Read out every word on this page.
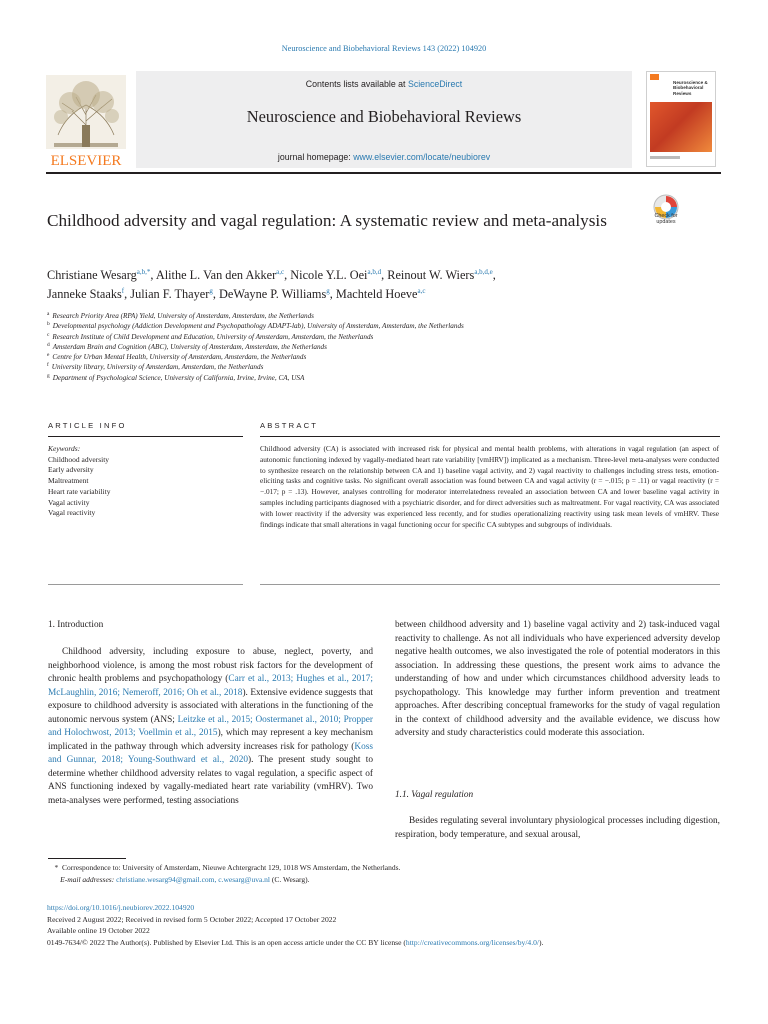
Neuroscience and Biobehavioral Reviews 143 (2022) 104920
ELSEVIER
Contents lists available at ScienceDirect
Neuroscience and Biobehavioral Reviews
journal homepage: www.elsevier.com/locate/neubiorev
Neuroscience & Biobehavioral Reviews
Childhood adversity and vagal regulation: A systematic review and meta-analysis	Check for
updates
Christiane Wesarg$^{a,b,*}$, Alithe L. Van den Akker$^{a,c}$, Nicole Y.L. Oei$^{a,b,d}$, Reinout W. Wiers$^{a,b,d,e}$,
Janneke Staaks$^f$, Julian F. Thayer$^g$, DeWayne P. Williams$^g$, Machteld Hoeve$^{a,c}$
$^a$ Research Priority Area (RPA) Yield, University of Amsterdam, Amsterdam, the Netherlands
$^b$ Developmental psychology (Addiction Development and Psychopathology ADAPT-lab), University of Amsterdam, Amsterdam, the Netherlands
$^c$ Research Institute of Child Development and Education, University of Amsterdam, Amsterdam, the Netherlands
$^d$ Amsterdam Brain and Cognition (ABC), University of Amsterdam, Amsterdam, the Netherlands
$^e$ Centre for Urban Mental Health, University of Amsterdam, Amsterdam, the Netherlands
$^f$ University library, University of Amsterdam, Amsterdam, the Netherlands
$^g$ Department of Psychological Science, University of California, Irvine, Irvine, CA, USA
ARTICLE INFO	ABSTRACT
Keywords:
Childhood adversity
Early adversity
Maltreatment
Heart rate variability
Vagal activity
Vagal reactivity
Childhood adversity (CA) is associated with increased risk for physical and mental health problems, with alterations in vagal regulation (an aspect of autonomic functioning indexed by vagally-mediated heart rate variability [vmHRV]) implicated as a mechanism. Three-level meta-analyses were conducted to synthesize research on the relationship between CA and 1) baseline vagal activity, and 2) vagal reactivity to challenges including stress tests, emotion-eliciting tasks and cognitive tasks. No significant overall association was found between CA and vagal activity (r = −.015; p = .11) or vagal reactivity (r = −.017; p = .13). However, analyses controlling for moderator interrelatedness revealed an association between CA and lower baseline vagal activity in samples including participants diagnosed with a psychiatric disorder, and for direct adversities such as maltreatment. For vagal reactivity, CA was associated with lower reactivity if the adversity was experienced less recently, and for studies operationalizing reactivity using task mean levels of vmHRV. These findings indicate that small alterations in vagal functioning occur for specific CA subtypes and subgroups of individuals.
1. Introduction

Childhood adversity, including exposure to abuse, neglect, poverty, and neighborhood violence, is among the most robust risk factors for the development of chronic health problems and psychopathology (Carr et al., 2013; Hughes et al., 2017; McLaughlin, 2016; Nemeroff, 2016; Oh et al., 2018). Extensive evidence suggests that exposure to childhood adversity is associated with alterations in the functioning of the autonomic nervous system (ANS; Leitzke et al., 2015; Oostermanet al., 2010; Propper and Holochwost, 2013; Voellmin et al., 2015), which may represent a key mechanism implicated in the pathway through which adversity increases risk for pathology (Koss and Gunnar, 2018; Young-Southward et al., 2020). The present study sought to determine whether childhood adversity relates to vagal regulation, a specific aspect of ANS functioning indexed by vagally-mediated heart rate variability (vmHRV). Two meta-analyses were performed, testing associations

between childhood adversity and 1) baseline vagal activity and 2) task-induced vagal reactivity to challenge. As not all individuals who have experienced adversity develop negative health outcomes, we also investigated the role of potential moderators in this association. In addressing these questions, the present work aims to advance the understanding of how and under which circumstances childhood adversity leads to psychopathology. This knowledge may further inform prevention and treatment approaches. After describing conceptual frameworks for the study of vagal regulation in the context of childhood adversity and the available evidence, we discuss how adversity and study characteristics could moderate this association.

1.1. Vagal regulation

Besides regulating several involuntary physiological processes including digestion, respiration, body temperature, and sexual arousal,

*  Correspondence to: University of Amsterdam, Nieuwe Achtergracht 129, 1018 WS Amsterdam, the Netherlands.
E-mail addresses: christiane.wesarg94@gmail.com, c.wesarg@uva.nl (C. Wesarg).
https://doi.org/10.1016/j.neubiorev.2022.104920
Received 2 August 2022; Received in revised form 5 October 2022; Accepted 17 October 2022
Available online 19 October 2022
0149-7634/© 2022 The Author(s). Published by Elsevier Ltd. This is an open access article under the CC BY license (http://creativecommons.org/licenses/by/4.0/).
